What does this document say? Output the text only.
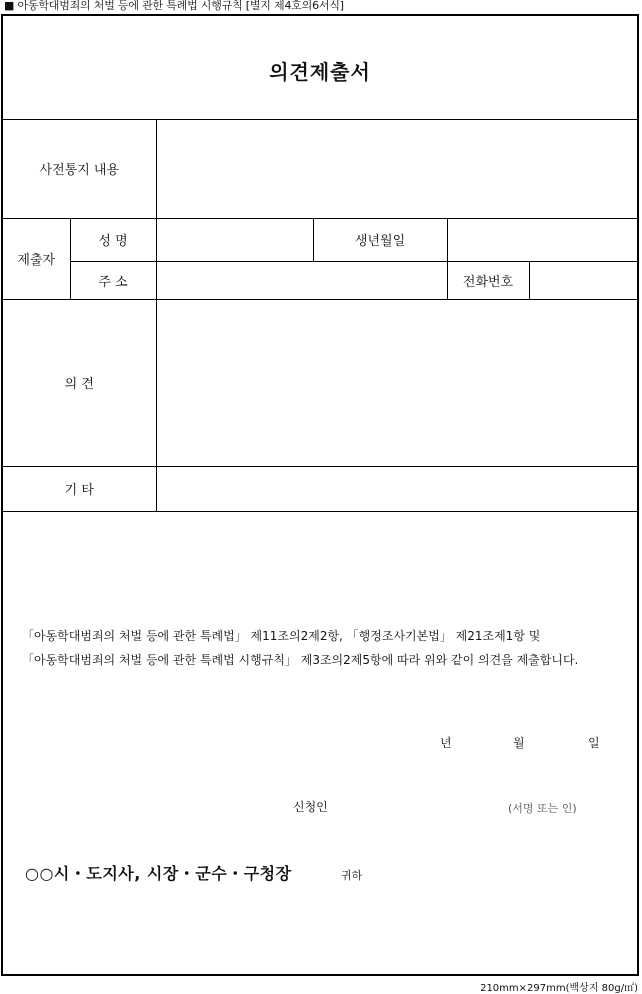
■ 아동학대범죄의 처벌 등에 관한 특례법 시행규칙 [별지 제4호의6서식]
의견제출서
사전통지 내용					
제출자	성 명		생년월일		
	주 소			전화번호	
의 견					
기 타					
「아동학대범죄의 처벌 등에 관한 특례법」 제11조의2제2항, 「행정조사기본법」 제21조제1항 및 「아동학대범죄의 처벌 등에 관한 특례법 시행규칙」 제3조의2제5항에 따라 위와 같이 의견을 제출합니다.
년	월	일
신청인	(서명 또는 인)
○○시・도지사, 시장・군수・구청장	귀하
210mm×297mm(백상지 80g/㎡)
